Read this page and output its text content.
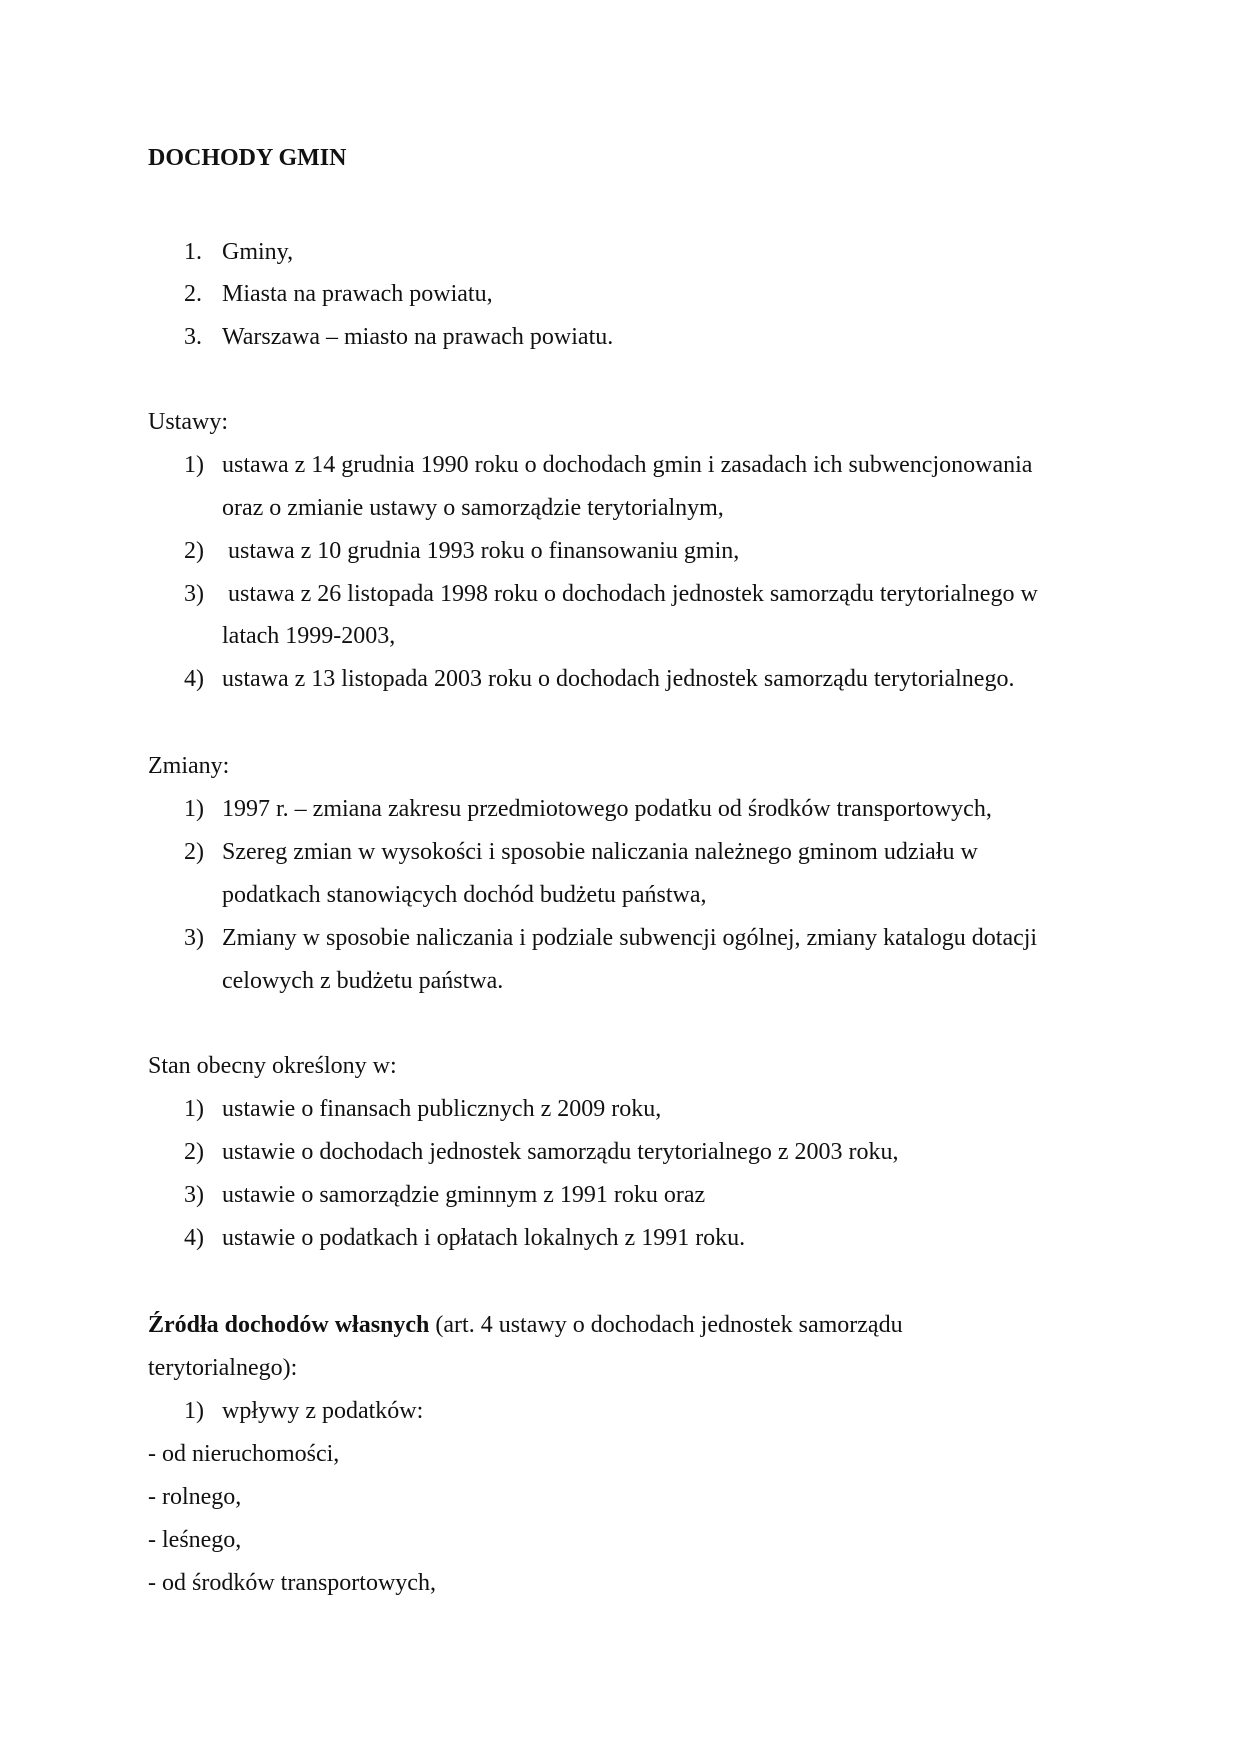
DOCHODY GMIN
1. Gminy,
2. Miasta na prawach powiatu,
3. Warszawa – miasto na prawach powiatu.
Ustawy:
1) ustawa z 14 grudnia 1990 roku o dochodach gmin i zasadach ich subwencjonowania
oraz o zmianie ustawy o samorządzie terytorialnym,
2) ustawa z 10 grudnia 1993 roku o finansowaniu gmin,
3) ustawa z 26 listopada 1998 roku o dochodach jednostek samorządu terytorialnego w
latach 1999-2003,
4) ustawa z 13 listopada 2003 roku o dochodach jednostek samorządu terytorialnego.
Zmiany:
1) 1997 r. – zmiana zakresu przedmiotowego podatku od środków transportowych,
2) Szereg zmian w wysokości i sposobie naliczania należnego gminom udziału w
podatkach stanowiących dochód budżetu państwa,
3) Zmiany w sposobie naliczania i podziale subwencji ogólnej, zmiany katalogu dotacji
celowych z budżetu państwa.
Stan obecny określony w:
1) ustawie o finansach publicznych z 2009 roku,
2) ustawie o dochodach jednostek samorządu terytorialnego z 2003 roku,
3) ustawie o samorządzie gminnym z 1991 roku oraz
4) ustawie o podatkach i opłatach lokalnych z 1991 roku.
Źródła dochodów własnych (art. 4 ustawy o dochodach jednostek samorządu
terytorialnego):
1) wpływy z podatków:
- od nieruchomości,
- rolnego,
- leśnego,
- od środków transportowych,
